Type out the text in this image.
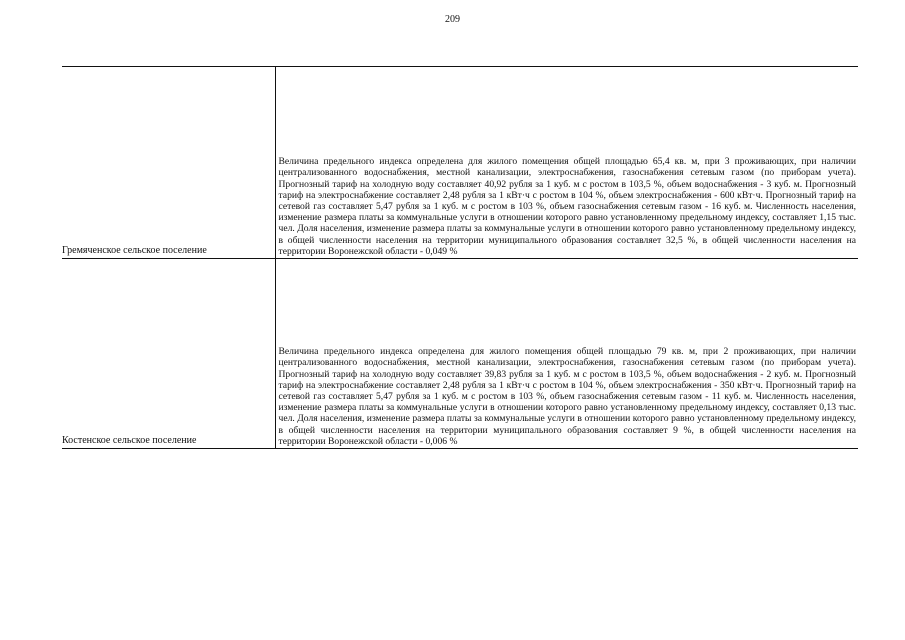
209
Гремяченское сельское поселение	Величина предельного индекса определена для жилого помещения общей площадью 65,4 кв. м, при 3 проживающих, при наличии централизованного водоснабжения, местной канализации, электроснабжения, газоснабжения сетевым газом (по приборам учета). Прогнозный тариф на холодную воду составляет 40,92 рубля за 1 куб. м с ростом в 103,5 %, объем водоснабжения - 3 куб. м. Прогнозный тариф на электроснабжение составляет 2,48 рубля за 1 кВт·ч с ростом в 104 %, объем электроснабжения - 600 кВт·ч. Прогнозный тариф на сетевой газ составляет 5,47 рубля за 1 куб. м с ростом в 103 %, объем газоснабжения сетевым газом - 16 куб. м. Численность населения, изменение размера платы за коммунальные услуги в отношении которого равно установленному предельному индексу, составляет 1,15 тыс. чел. Доля населения, изменение размера платы за коммунальные услуги в отношении которого равно установленному предельному индексу, в общей численности населения на территории муниципального образования составляет 32,5 %, в общей численности населения на территории Воронежской области - 0,049 %
Костенское сельское поселение	Величина предельного индекса определена для жилого помещения общей площадью 79 кв. м, при 2 проживающих, при наличии централизованного водоснабжения, местной канализации, электроснабжения, газоснабжения сетевым газом (по приборам учета). Прогнозный тариф на холодную воду составляет 39,83 рубля за 1 куб. м с ростом в 103,5 %, объем водоснабжения - 2 куб. м. Прогнозный тариф на электроснабжение составляет 2,48 рубля за 1 кВт·ч с ростом в 104 %, объем электроснабжения - 350 кВт·ч. Прогнозный тариф на сетевой газ составляет 5,47 рубля за 1 куб. м с ростом в 103 %, объем газоснабжения сетевым газом - 11 куб. м. Численность населения, изменение размера платы за коммунальные услуги в отношении которого равно установленному предельному индексу, составляет 0,13 тыс. чел. Доля населения, изменение размера платы за коммунальные услуги в отношении которого равно установленному предельному индексу, в общей численности населения на территории муниципального образования составляет 9 %, в общей численности населения на территории Воронежской области - 0,006 %
